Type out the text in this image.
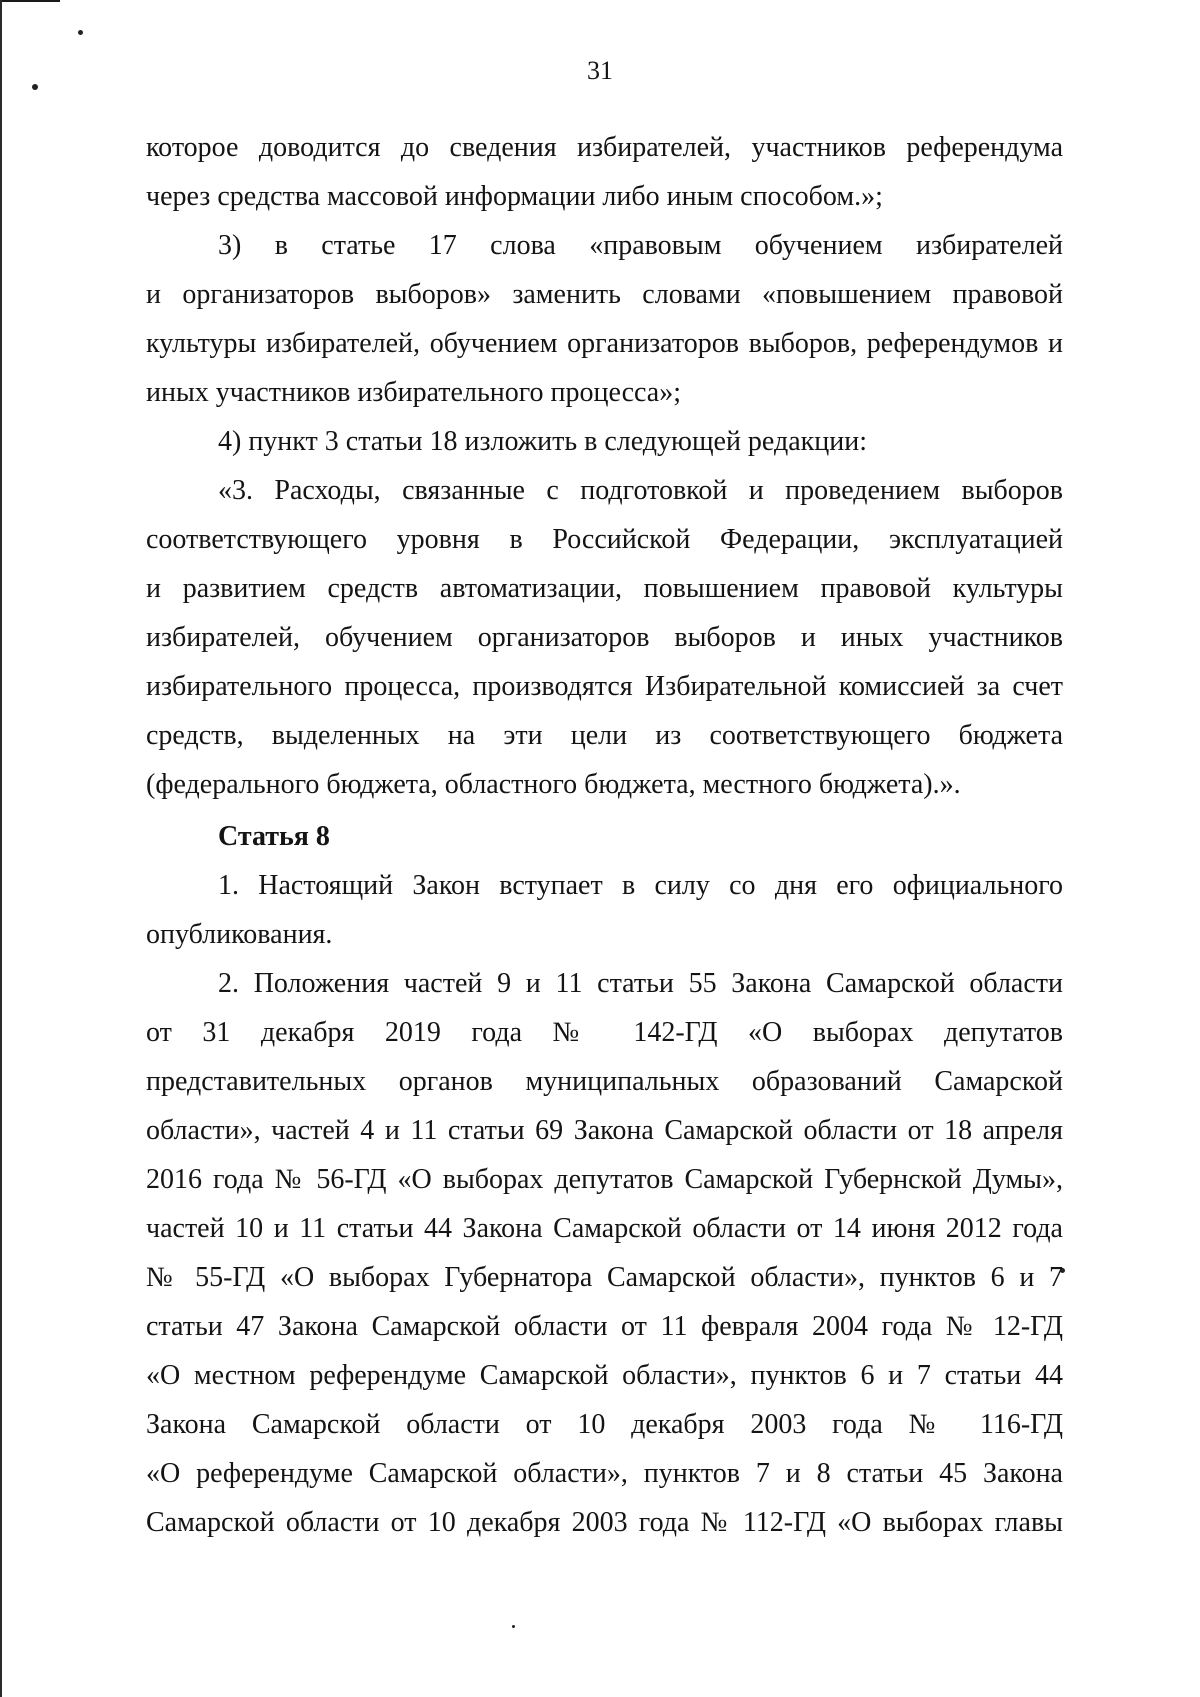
31
которое доводится до сведения избирателей, участников референдума
через средства массовой информации либо иным способом.»;
3) в статье 17 слова «правовым обучением избирателей
и организаторов выборов» заменить словами «повышением правовой
культуры избирателей, обучением организаторов выборов, референдумов и
иных участников избирательного процесса»;
4) пункт 3 статьи 18 изложить в следующей редакции:
«3. Расходы, связанные с подготовкой и проведением выборов
соответствующего уровня в Российской Федерации, эксплуатацией
и развитием средств автоматизации, повышением правовой культуры
избирателей, обучением организаторов выборов и иных участников
избирательного процесса, производятся Избирательной комиссией за счет
средств, выделенных на эти цели из соответствующего бюджета
(федерального бюджета, областного бюджета, местного бюджета).».
Статья 8
1. Настоящий Закон вступает в силу со дня его официального
опубликования.
2. Положения частей 9 и 11 статьи 55 Закона Самарской области
от 31 декабря 2019 года № 142-ГД «О выборах депутатов
представительных органов муниципальных образований Самарской
области», частей 4 и 11 статьи 69 Закона Самарской области от 18 апреля
2016 года № 56-ГД «О выборах депутатов Самарской Губернской Думы»,
частей 10 и 11 статьи 44 Закона Самарской области от 14 июня 2012 года
№ 55-ГД «О выборах Губернатора Самарской области», пунктов 6 и 7
статьи 47 Закона Самарской области от 11 февраля 2004 года № 12-ГД
«О местном референдуме Самарской области», пунктов 6 и 7 статьи 44
Закона Самарской области от 10 декабря 2003 года № 116-ГД
«О референдуме Самарской области», пунктов 7 и 8 статьи 45 Закона
Самарской области от 10 декабря 2003 года № 112-ГД «О выборах главы
